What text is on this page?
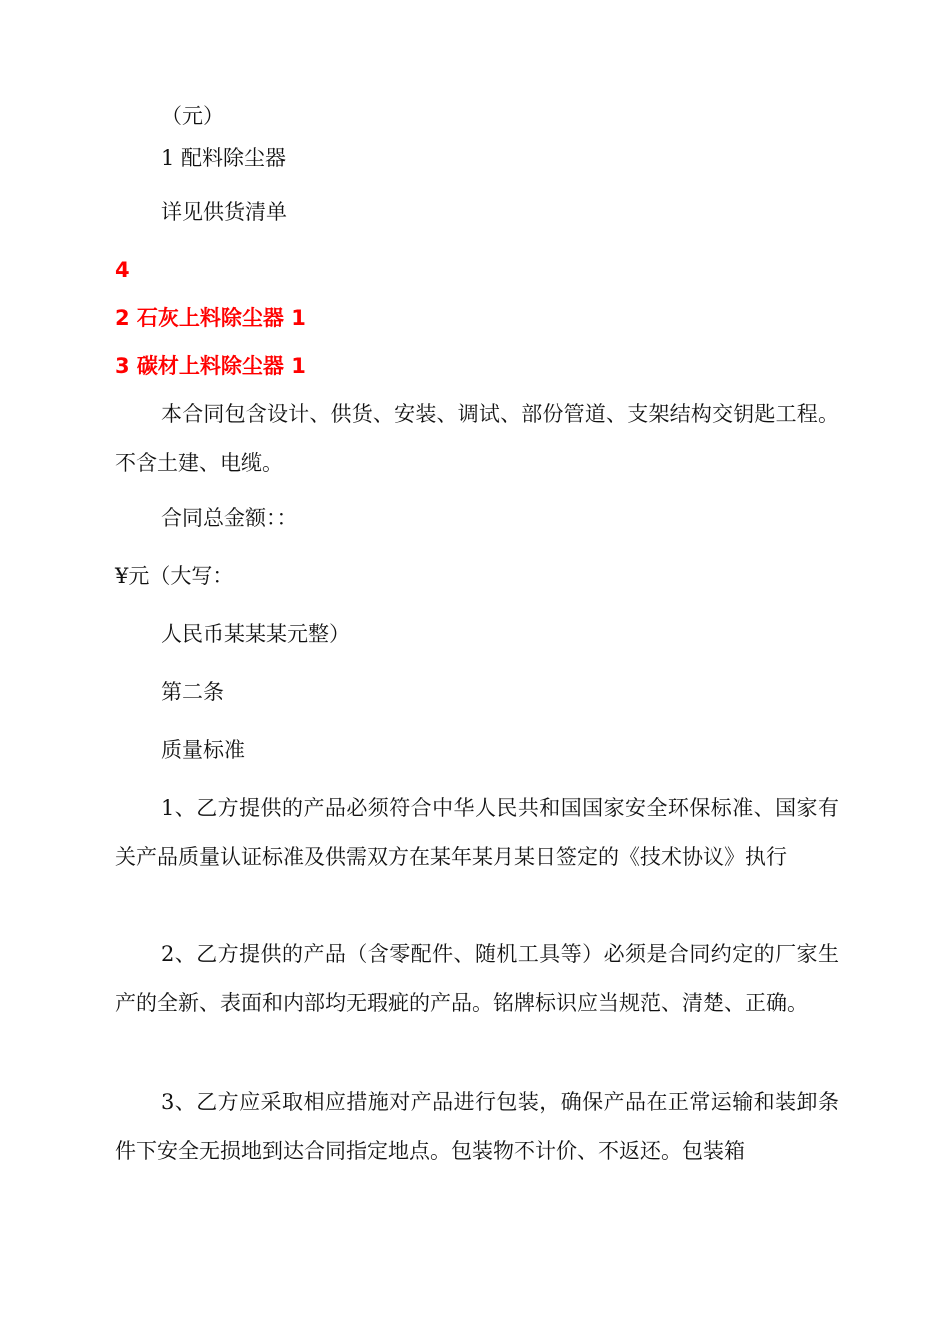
（元）
1 配料除尘器
详见供货清单
4
2 石灰上料除尘器 1
3 碳材上料除尘器 1
本合同包含设计、供货、安装、调试、部份管道、支架结构交钥匙工程。不含土建、电缆。
合同总金额：：
¥元（大写：
人民币某某某元整）
第二条
质量标准
1、乙方提供的产品必须符合中华人民共和国国家安全环保标准、国家有关产品质量认证标准及供需双方在某年某月某日签定的《技术协议》执行
2、乙方提供的产品（含零配件、随机工具等）必须是合同约定的厂家生产的全新、表面和内部均无瑕疵的产品。铭牌标识应当规范、清楚、正确。
3、乙方应采取相应措施对产品进行包装，确保产品在正常运输和装卸条件下安全无损地到达合同指定地点。包装物不计价、不返还。包装箱
